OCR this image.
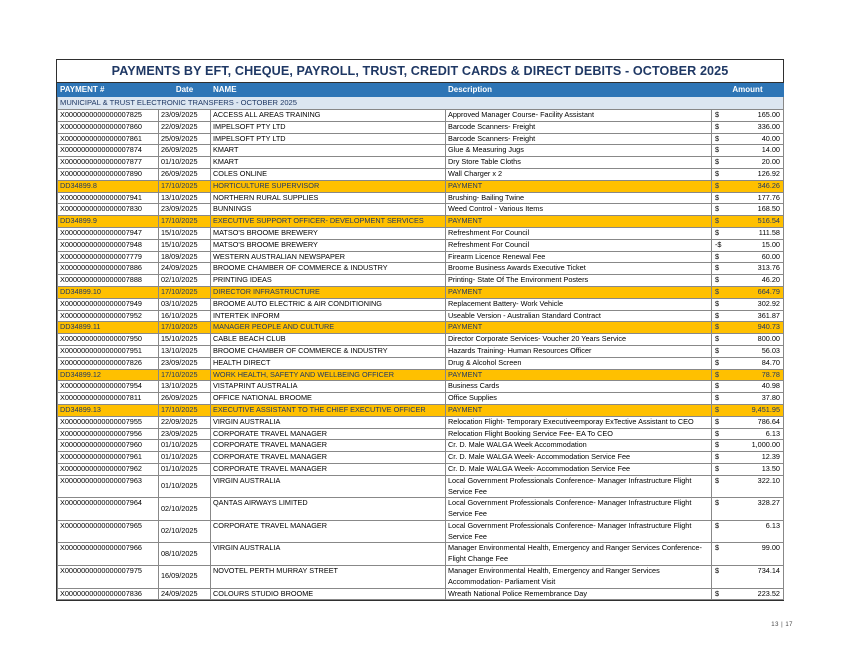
PAYMENTS BY EFT, CHEQUE, PAYROLL, TRUST, CREDIT CARDS & DIRECT DEBITS - OCTOBER 2025
PAYMENT #	Date	NAME	Description	Amount
MUNICIPAL & TRUST ELECTRONIC TRANSFERS - OCTOBER 2025				
X0000000000000007825	23/09/2025	ACCESS ALL AREAS TRAINING	Approved Manager Course- Facility Assistant	$ 165.00
X0000000000000007860	22/09/2025	IMPELSOFT PTY LTD	Barcode Scanners- Freight	$ 336.00
X0000000000000007861	25/09/2025	IMPELSOFT PTY LTD	Barcode Scanners- Freight	$ 40.00
X0000000000000007874	26/09/2025	KMART	Glue & Measuring Jugs	$ 14.00
X0000000000000007877	01/10/2025	KMART	Dry Store Table Cloths	$ 20.00
X0000000000000007890	26/09/2025	COLES ONLINE	Wall Charger x 2	$ 126.92
DD34899.8	17/10/2025	HORTICULTURE SUPERVISOR	PAYMENT	$ 346.26
X0000000000000007941	13/10/2025	NORTHERN RURAL SUPPLIES	Brushing- Bailing Twine	$ 177.76
X0000000000000007830	23/09/2025	BUNNINGS	Weed Control - Various Items	$ 168.50
DD34899.9	17/10/2025	EXECUTIVE SUPPORT OFFICER- DEVELOPMENT SERVICES	PAYMENT	$ 516.54
X0000000000000007947	15/10/2025	MATSO'S BROOME BREWERY	Refreshment For Council	$ 111.58
X0000000000000007948	15/10/2025	MATSO'S BROOME BREWERY	Refreshment For Council	-$ 15.00
X0000000000000007779	18/09/2025	WESTERN AUSTRALIAN NEWSPAPER	Firearm Licence Renewal Fee	$ 60.00
X0000000000000007886	24/09/2025	BROOME CHAMBER OF COMMERCE & INDUSTRY	Broome Business Awards Executive Ticket	$ 313.76
X0000000000000007888	02/10/2025	PRINTING IDEAS	Printing- State Of The Environment Posters	$ 46.20
DD34899.10	17/10/2025	DIRECTOR INFRASTRUCTURE	PAYMENT	$ 664.79
X0000000000000007949	03/10/2025	BROOME AUTO ELECTRIC & AIR CONDITIONING	Replacement Battery- Work Vehicle	$ 302.92
X0000000000000007952	16/10/2025	INTERTEK INFORM	Useable Version - Australian Standard Contract	$ 361.87
DD34899.11	17/10/2025	MANAGER PEOPLE AND CULTURE	PAYMENT	$ 940.73
X0000000000000007950	15/10/2025	CABLE BEACH CLUB	Director Corporate Services- Voucher 20 Years Service	$ 800.00
X0000000000000007951	13/10/2025	BROOME CHAMBER OF COMMERCE & INDUSTRY	Hazards Training- Human Resources Officer	$ 56.03
X0000000000000007826	23/09/2025	HEALTH DIRECT	Drug & Alcohol Screen	$ 84.70
DD34899.12	17/10/2025	WORK HEALTH, SAFETY AND WELLBEING OFFICER	PAYMENT	$ 78.78
X0000000000000007954	13/10/2025	VISTAPRINT AUSTRALIA	Business Cards	$ 40.98
X0000000000000007811	26/09/2025	OFFICE NATIONAL BROOME	Office Supplies	$ 37.80
DD34899.13	17/10/2025	EXECUTIVE ASSISTANT TO THE CHIEF EXECUTIVE OFFICER	PAYMENT	$ 9,451.95
X0000000000000007955	22/09/2025	VIRGIN AUSTRALIA	Relocation Flight- Temporary Executiveemporay ExTective Assistant to CEO	$ 786.64
X0000000000000007956	23/09/2025	CORPORATE TRAVEL MANAGER	Relocation Flight Booking Service Fee- EA To CEO	$ 6.13
X0000000000000007960	01/10/2025	CORPORATE TRAVEL MANAGER	Cr. D. Male WALGA Week Accommodation	$ 1,000.00
X0000000000000007961	01/10/2025	CORPORATE TRAVEL MANAGER	Cr. D. Male WALGA Week- Accommodation Service Fee	$ 12.39
X0000000000000007962	01/10/2025	CORPORATE TRAVEL MANAGER	Cr. D. Male WALGA Week- Accommodation Service Fee	$ 13.50
X0000000000000007963	01/10/2025	VIRGIN AUSTRALIA	Local Government Professionals Conference- Manager Infrastructure Flight Service Fee	$ 322.10

X0000000000000007964	02/10/2025	QANTAS AIRWAYS LIMITED	Local Government Professionals Conference- Manager Infrastructure Flight Service Fee	$ 328.27

X0000000000000007965	02/10/2025	CORPORATE TRAVEL MANAGER	Local Government Professionals Conference- Manager Infrastructure Flight Service Fee	$ 6.13

X0000000000000007966	08/10/2025	VIRGIN AUSTRALIA	Manager Environmental Health, Emergency and Ranger Services Conference- Flight Change Fee	$ 99.00

X0000000000000007975	16/09/2025	NOVOTEL PERTH MURRAY STREET	Manager Environmental Health, Emergency and Ranger Services Accommodation- Parliament Visit	$ 734.14

X0000000000000007836	24/09/2025	COLOURS STUDIO BROOME	Wreath National Police Remembrance Day	$ 223.52
13 | 17
